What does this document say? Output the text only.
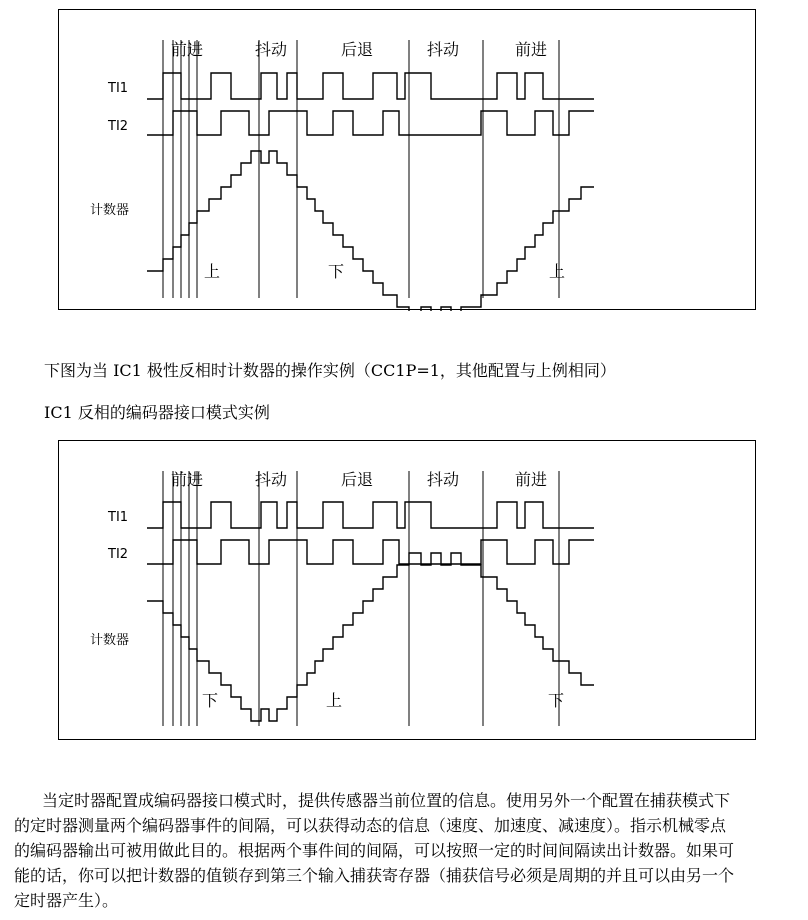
前进	抖动	后退	抖动	前进
TI1
TI2
计数器
上	下	上
下图为当 IC1 极性反相时计数器的操作实例（CC1P=1，其他配置与上例相同）
IC1 反相的编码器接口模式实例
前进	抖动	后退	抖动	前进
TI1
TI2
计数器
下	上	下
当定时器配置成编码器接口模式时，提供传感器当前位置的信息。使用另外一个配置在捕获模式下
的定时器测量两个编码器事件的间隔，可以获得动态的信息（速度、加速度、减速度）。指示机械零点
的编码器输出可被用做此目的。根据两个事件间的间隔，可以按照一定的时间间隔读出计数器。如果可
能的话，你可以把计数器的值锁存到第三个输入捕获寄存器（捕获信号必须是周期的并且可以由另一个
定时器产生）。
